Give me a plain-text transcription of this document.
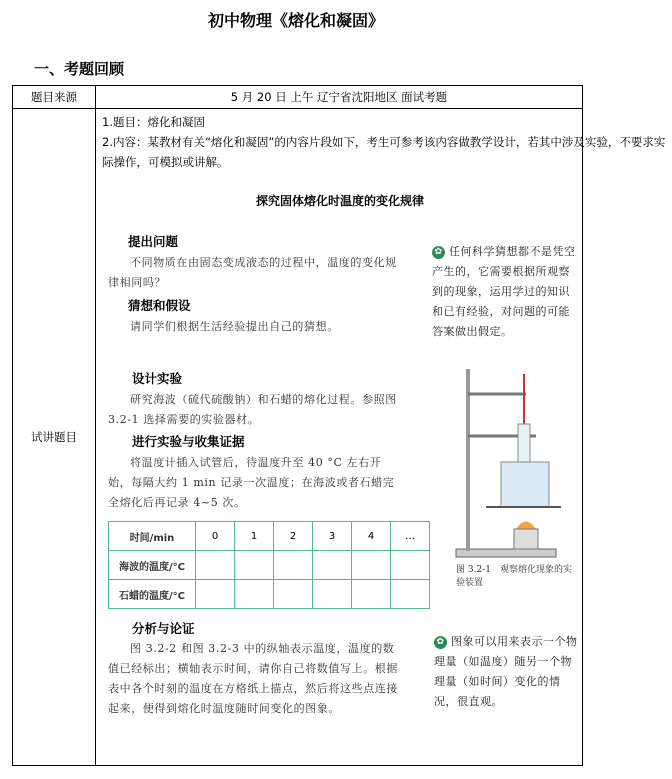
初中物理《熔化和凝固》
一、考题回顾
题目来源	5 月 20 日 上午 辽宁省沈阳地区 面试考题
试讲题目	

1.题目：熔化和凝固

2.内容：某教材有关“熔化和凝固”的内容片段如下，考生可参考该内容做教学设计，若其中涉及实验，不要求实际操作，可模拟或讲解。

探究固体熔化时温度的变化规律
提出问题
不同物质在由固态变成液态的过程中，温度的变化规律相同吗？
猜想和假设
请同学们根据生活经验提出自己的猜想。
设计实验
研究海波（硫代硫酸钠）和石蜡的熔化过程。参照图 3.2-1 选择需要的实验器材。
进行实验与收集证据
将温度计插入试管后，待温度升至 40 °C 左右开始，每隔大约 1 min 记录一次温度；在海波或者石蜡完全熔化后再记录 4~5 次。
时间/min	0	1	2	3	4	…
海波的温度/°C						
石蜡的温度/°C						
分析与论证
图 3.2-2 和图 3.2-3 中的纵轴表示温度，温度的数值已经标出；横轴表示时间，请你自己将数值写上。根据表中各个时刻的温度在方格纸上描点，然后将这些点连接起来，便得到熔化时温度随时间变化的图象。
✿ 任何科学猜想都不是凭空产生的，它需要根据所观察到的现象，运用学过的知识和已有经验，对问题的可能答案做出假定。
图 3.2-1　观察熔化现象的实验装置
✿ 图象可以用来表示一个物理量（如温度）随另一个物理量（如时间）变化的情况，很直观。
